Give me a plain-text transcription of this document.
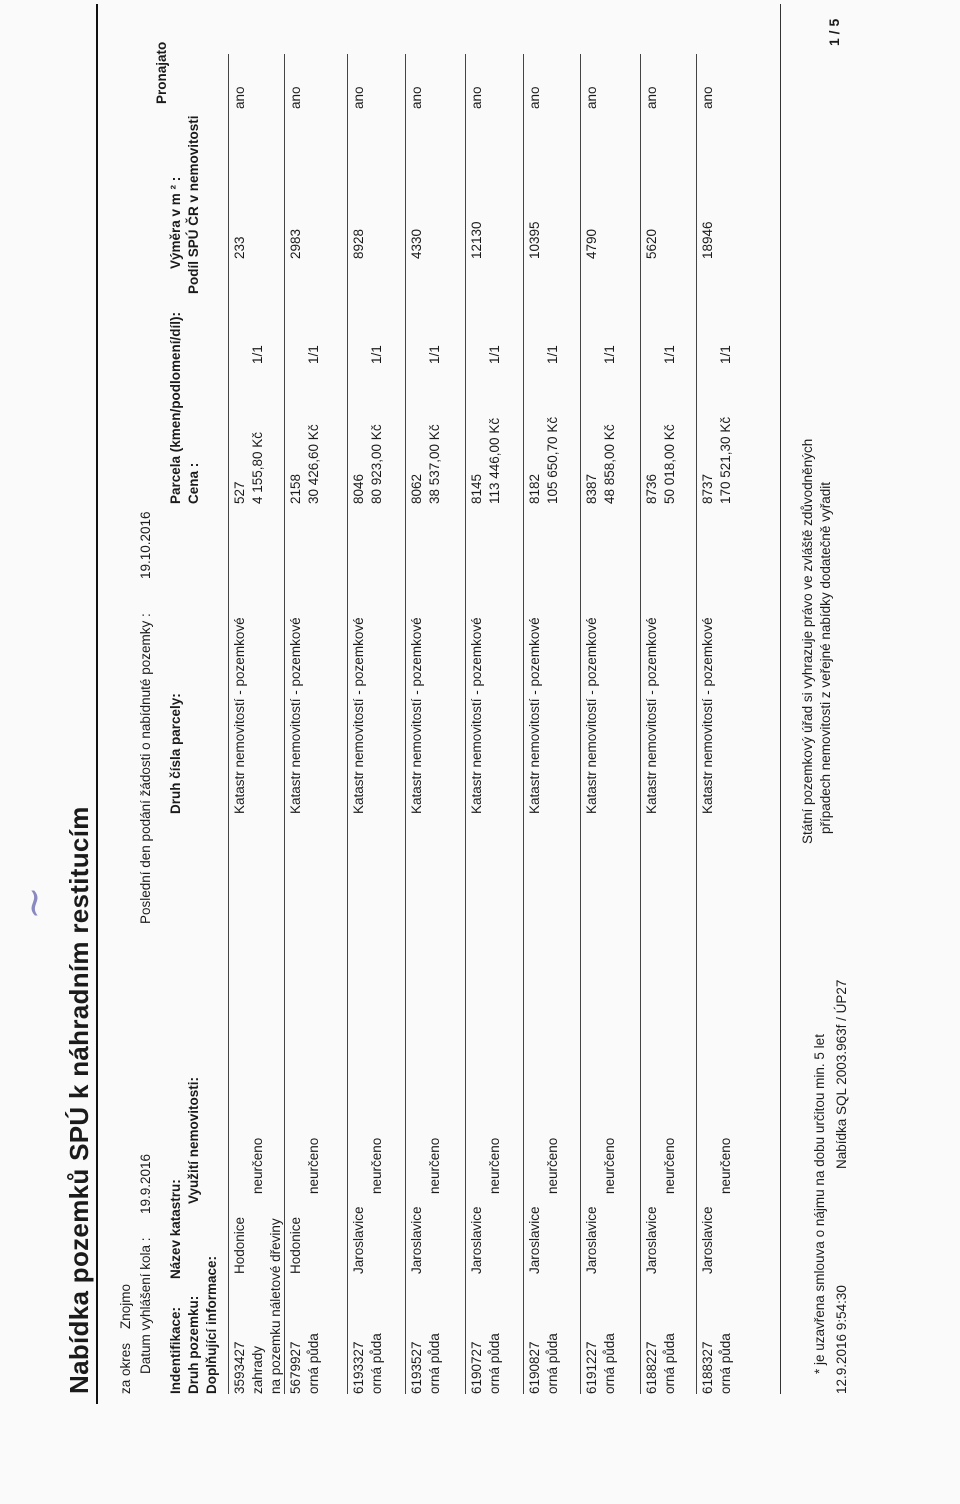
Nabídka pozemků SPÚ k náhradním restitucím za okres
Znojmo Datum vyhlášení kola :
19.9.2016
Poslední den podání žádosti o nabídnuté pozemky :
19.10.2016
Indentifikace: Druh pozemku: Doplňující informace:
Název katastru:
Využití nemovitosti:
Druh čísla parcely:
Parcela (kmen/podlomení/díl): Cena :
Výměra v m ² : Podíl SPÚ ČR v nemovitosti
Pronajato
3593427 zahrady
Hodonice
neurčeno
Katastr nemovitostí - pozemkové
527 4 155,80 Kč
1/1
233
ano
na pozemku náletové dřeviny 5679927 orná půda
Hodonice
neurčeno
Katastr nemovitostí - pozemkové
2158 30 426,60 Kč
1/1
2983
ano
6193327 orná půda
Jaroslavice
neurčeno
Katastr nemovitostí - pozemkové
8046 80 923,00 Kč
1/1
8928
ano
6193527 orná půda
Jaroslavice
neurčeno
Katastr nemovitostí - pozemkové
8062 38 537,00 Kč
1/1
4330
ano
6190727 orná půda
Jaroslavice
neurčeno
Katastr nemovitostí - pozemkové
8145 113 446,00 Kč
1/1
12130
ano
6190827 orná půda
Jaroslavice
neurčeno
Katastr nemovitostí - pozemkové
8182 105 650,70 Kč
1/1
10395
ano
6191227 orná půda
Jaroslavice
neurčeno
Katastr nemovitostí - pozemkové
8387 48 858,00 Kč
1/1
4790
ano
6188227 orná půda
Jaroslavice
neurčeno
Katastr nemovitostí - pozemkové
8736 50 018,00 Kč
1/1
5620
ano
6188327 orná půda
Jaroslavice
neurčeno
Katastr nemovitostí - pozemkové
8737 170 521,30 Kč
1/1
18946
ano
* je uzavřena smlouva o nájmu na dobu určitou min. 5 let 12.9.2016 9:54:30
Nabídka SQL 2003.963f / ÚP27
Státní pozemkový úřad si vyhrazuje právo ve zvláště zdůvodněných případech nemovitosti z veřejné nabídky dodatečně vyřadit
1 / 5
~
